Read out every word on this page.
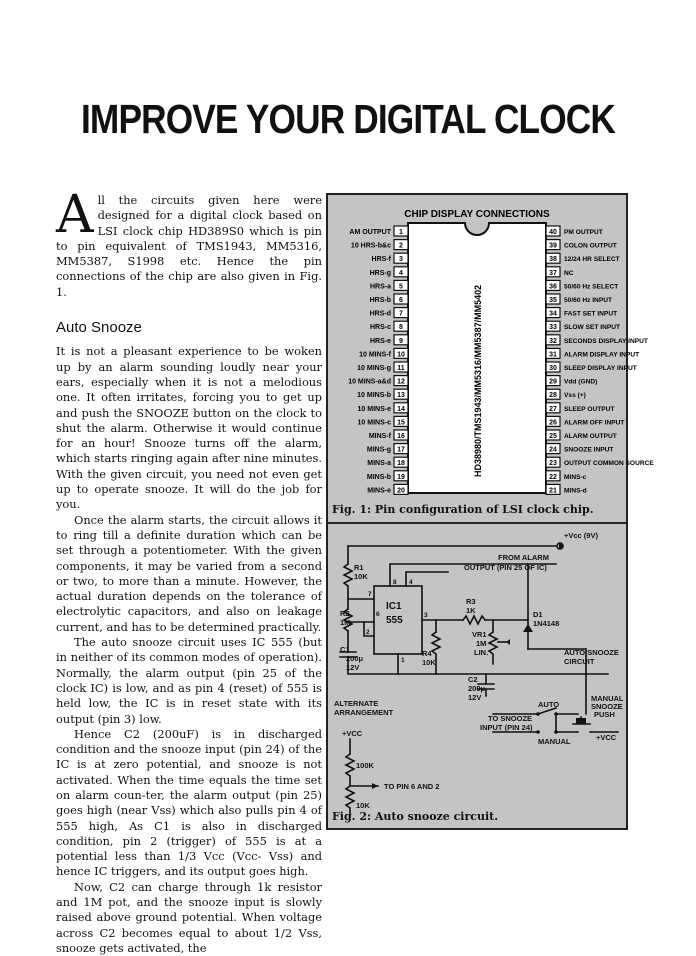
IMPROVE YOUR DIGITAL CLOCK

All the circuits given here were designed for a digital clock based on LSI clock chip HD389S0 which is pin to pin equivalent of TMS1943, MM5316, MM5387, S1998 etc. Hence the pin connections of the chip are also given in Fig. 1.

Auto Snooze

It is not a pleasant experience to be woken up by an alarm sounding loudly near your ears, especially when it is not a melodious one. It often irritates, forcing you to get up and push the SNOOZE button on the clock to shut the alarm. Otherwise it would continue for an hour! Snooze turns off the alarm, which starts ringing again after nine minutes. With the given circuit, you need not even get up to operate snooze. It will do the job for you.

Once the alarm starts, the circuit allows it to ring till a definite duration which can be set through a potentiometer. With the given components, it may be varied from a second or two, to more than a minute. However, the actual duration depends on the tolerance of electrolytic capacitors, and also on leakage current, and has to be determined practically.

The auto snooze circuit uses IC 555 (but in neither of its common modes of operation). Normally, the alarm output (pin 25 of the clock IC) is low, and as pin 4 (reset) of 555 is held low, the IC is in reset state with its output (pin 3) low.

Hence C2 (200uF) is in discharged condition and the snooze input (pin 24) of the IC is at zero potential, and snooze is not activated. When the time equals the time set on alarm coun-ter, the alarm output (pin 25) goes high (near Vss) which also pulls pin 4 of 555 high, As C1 is also in discharged condition, pin 2 (trigger) of 555 is at a potential less than 1/3 Vcc (Vcc- Vss) and hence IC triggers, and its output goes high.

Now, C2 can charge through 1k resistor and 1M pot, and the snooze input is slowly raised above ground potential. When voltage across C2 becomes equal to about 1/2 Vss, snooze gets activated, the

CHIP DISPLAY CONNECTIONS
HD38980/TMS1943/MM5316/MM5387/MM5402
1
AM OUTPUT
2
10 HRS-b&c
3
HRS-f
4
HRS-g
5
HRS-a
6
HRS-b
7
HRS-d
8
HRS-c
9
HRS-e
10
10 MINS-f
11
10 MINS-g
12
10 MINS-a&d
13
10 MINS-b
14
10 MINS-e
15
10 MINS-c
16
MINS-f
17
MINS-g
18
MINS-a
19
MINS-b
20
MINS-e
40 PM OUTPUT
39 COLON OUTPUT
38 12/24 HR SELECT
37 NC
36 50/60 Hz SELECT
35 50/60 Hz INPUT
34 FAST SET INPUT
33 SLOW SET INPUT
32 SECONDS DISPLAY INPUT
31 ALARM DISPLAY INPUT
30 SLEEP DISPLAY INPUT
29 Vdd (GND)
28 Vss (+)
27 SLEEP OUTPUT
26 ALARM OFF INPUT
25 ALARM OUTPUT
24 SNOOZE INPUT
23 OUTPUT COMMON SOURCE
22 MINS-c
21 MINS-d
Fig. 1: Pin configuration of LSI clock chip.
+Vcc (9V)
FROM ALARM
OUTPUT (PIN 25 OF IC)
IC1
555
8 4
7
6
2
3
1
R1
10K
R2
1M
C1
200μ
12V
R3
1K
R4
10K
D1
1N4148
VR1
1M
LIN.
C2
200μ
12V
AUTO SNOOZE
CIRCUIT
ALTERNATE
ARRANGEMENT
+VCC
100K
TO PIN 6 AND 2
10K
AUTO
MANUAL
MANUAL
SNOOZE
PUSH
TO SNOOZE
INPUT (PIN 24)
+VCC
Fig. 2: Auto snooze circuit.
